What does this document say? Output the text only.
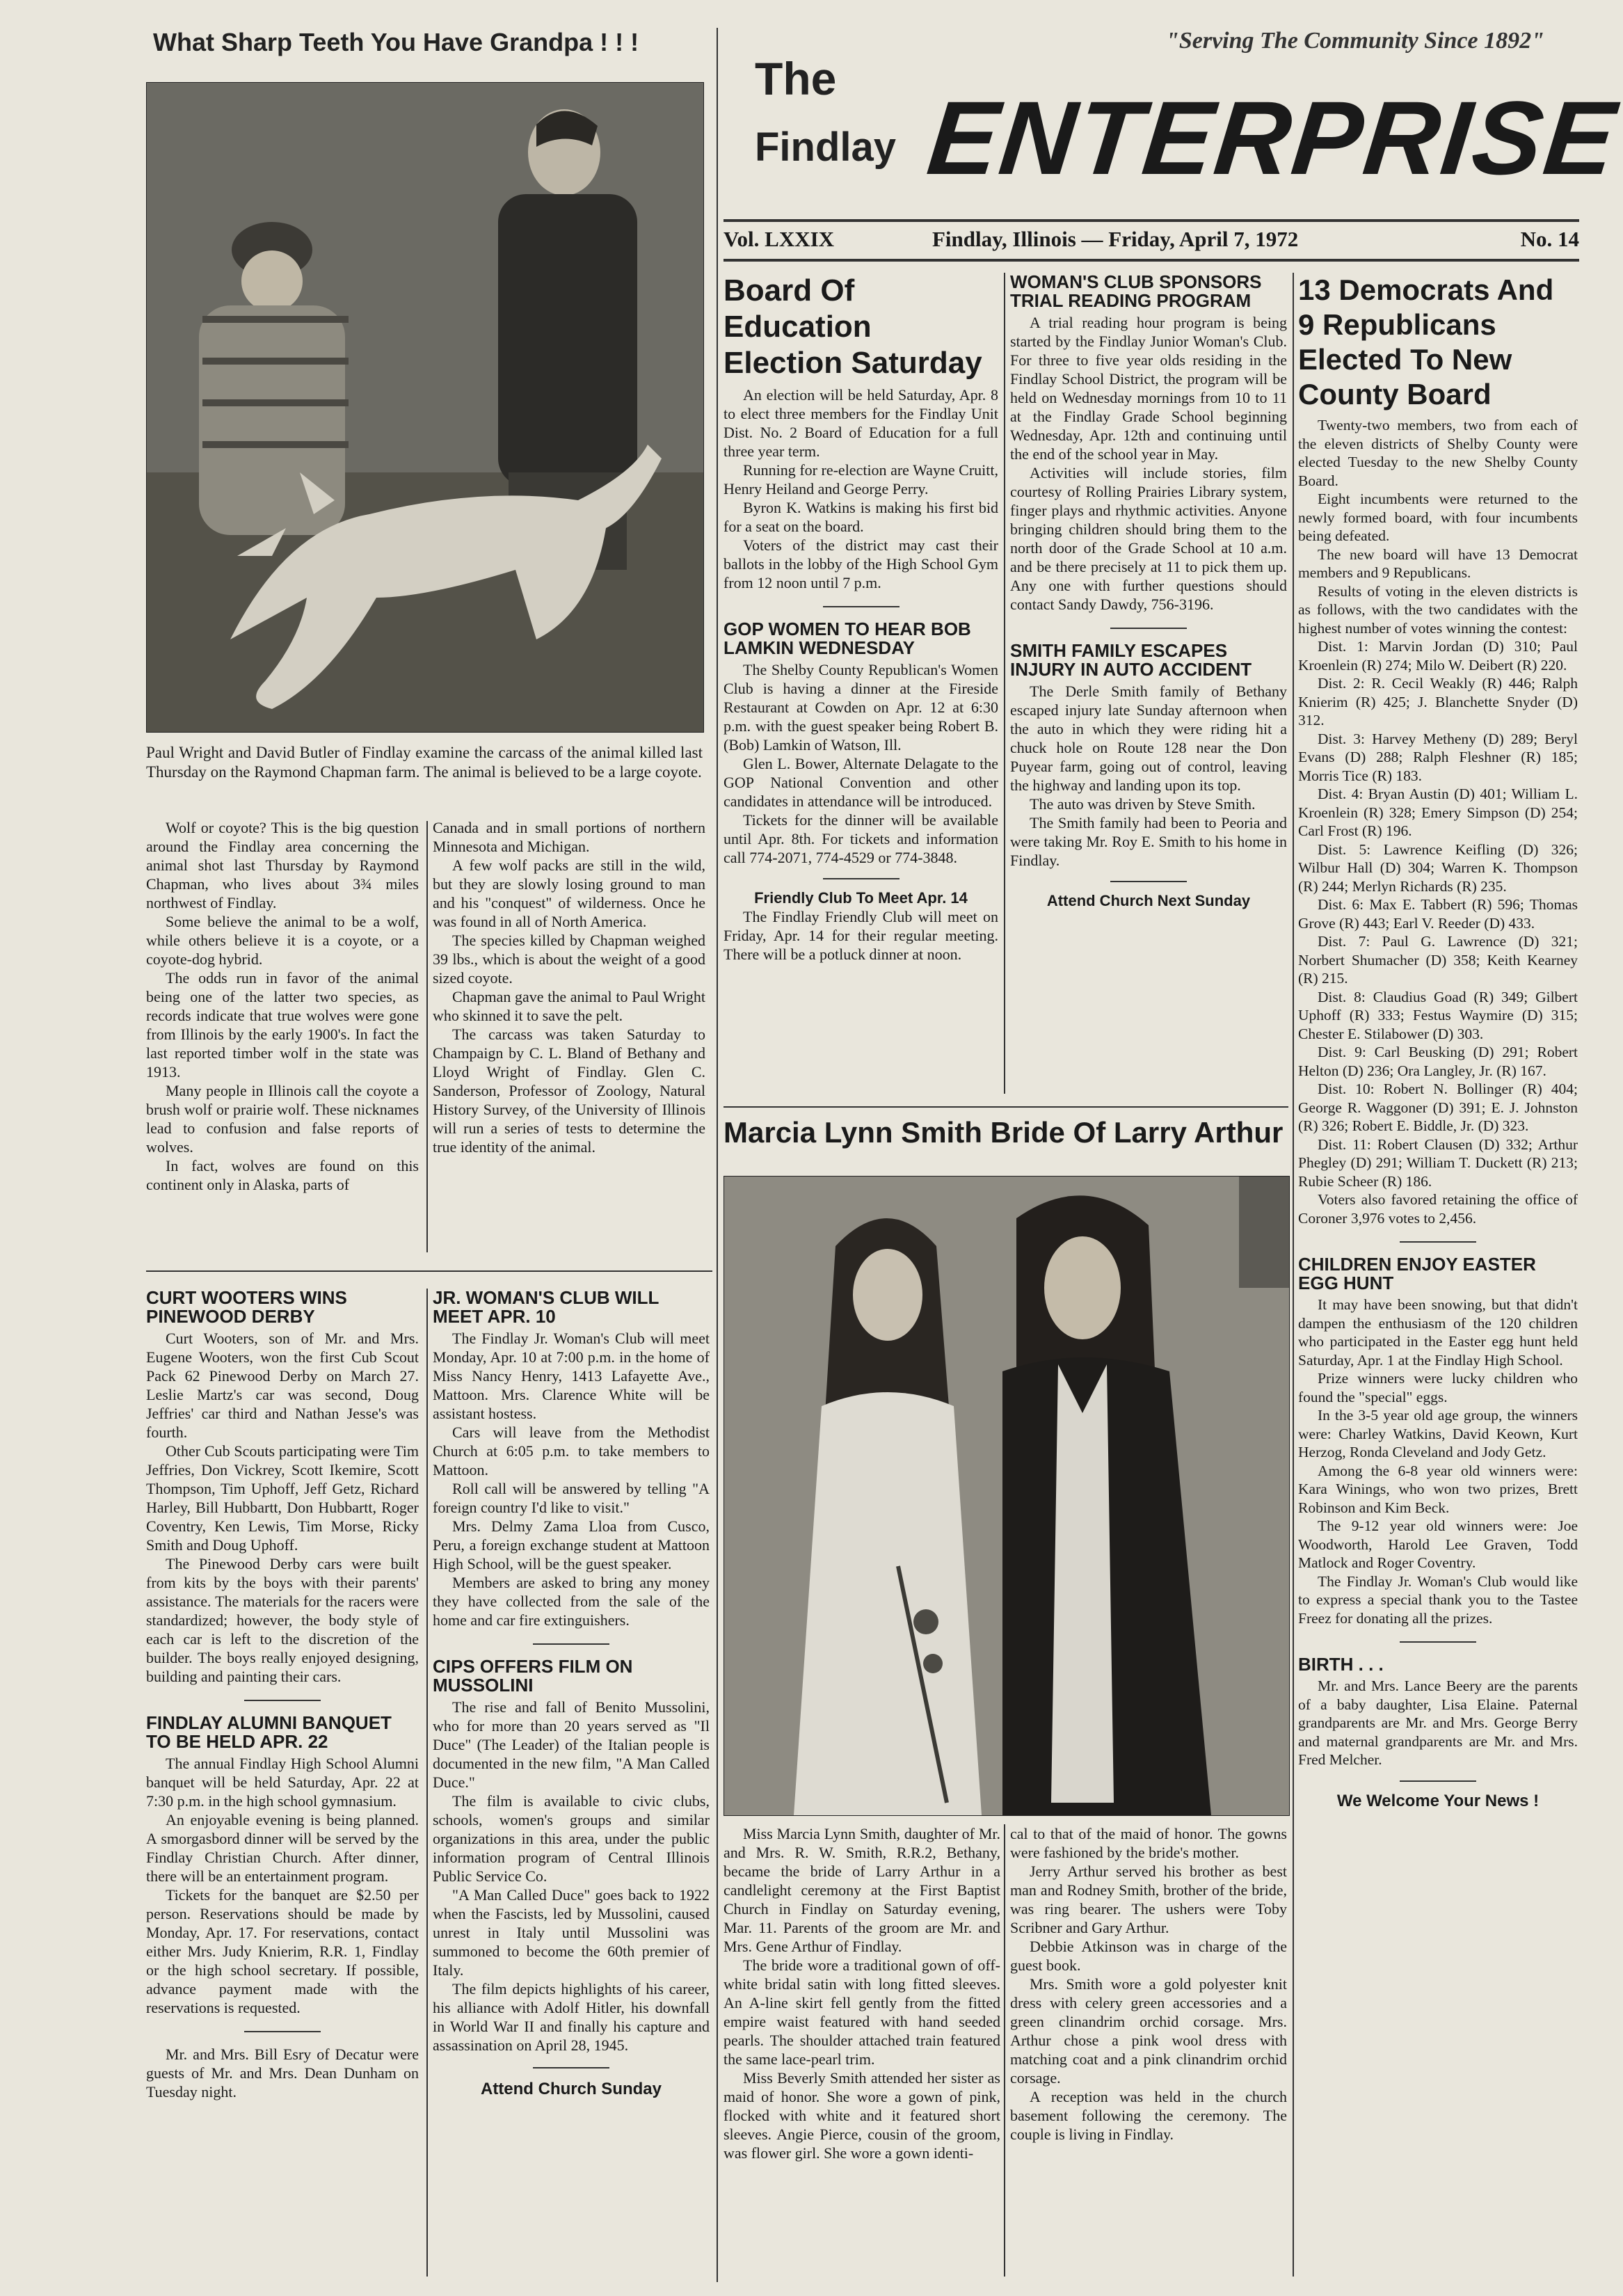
What Sharp Teeth You Have Grandpa ! ! !

Paul Wright and David Butler of Findlay examine the carcass of the animal killed last Thursday on the Raymond Chapman farm. The animal is believed to be a large coyote.

Wolf or coyote? This is the big question around the Findlay area concerning the animal shot last Thursday by Raymond Chapman, who lives about 3¾ miles northwest of Findlay.

Some believe the animal to be a wolf, while others believe it is a coyote, or a coyote-dog hybrid.

The odds run in favor of the animal being one of the latter two species, as records indicate that true wolves were gone from Illinois by the early 1900's. In fact the last reported timber wolf in the state was 1913.

Many people in Illinois call the coyote a brush wolf or prairie wolf. These nicknames lead to confusion and false reports of wolves.

In fact, wolves are found on this continent only in Alaska, parts of

Canada and in small portions of northern Minnesota and Michigan.

A few wolf packs are still in the wild, but they are slowly losing ground to man and his "conquest" of wilderness. Once he was found in all of North America.

The species killed by Chapman weighed 39 lbs., which is about the weight of a good sized coyote.

Chapman gave the animal to Paul Wright who skinned it to save the pelt.

The carcass was taken Saturday to Champaign by C. L. Bland of Bethany and Lloyd Wright of Findlay. Glen C. Sanderson, Professor of Zoology, Natural History Survey, of the University of Illinois will run a series of tests to determine the true identity of the animal.

CURT WOOTERS WINS PINEWOOD DERBY

Curt Wooters, son of Mr. and Mrs. Eugene Wooters, won the first Cub Scout Pack 62 Pinewood Derby on March 27. Leslie Martz's car was second, Doug Jeffries' car third and Nathan Jesse's was fourth.

Other Cub Scouts participating were Tim Jeffries, Don Vickrey, Scott Ikemire, Scott Thompson, Tim Uphoff, Jeff Getz, Richard Harley, Bill Hubbartt, Don Hubbartt, Roger Coventry, Ken Lewis, Tim Morse, Ricky Smith and Doug Uphoff.

The Pinewood Derby cars were built from kits by the boys with their parents' assistance. The materials for the racers were standardized; however, the body style of each car is left to the discretion of the builder. The boys really enjoyed designing, building and painting their cars.

FINDLAY ALUMNI BANQUET TO BE HELD APR. 22

The annual Findlay High School Alumni banquet will be held Saturday, Apr. 22 at 7:30 p.m. in the high school gymnasium.

An enjoyable evening is being planned. A smorgasbord dinner will be served by the Findlay Christian Church. After dinner, there will be an entertainment program.

Tickets for the banquet are $2.50 per person. Reservations should be made by Monday, Apr. 17. For reservations, contact either Mrs. Judy Knierim, R.R. 1, Findlay or the high school secretary. If possible, advance payment made with the reservations is requested.

Mr. and Mrs. Bill Esry of Decatur were guests of Mr. and Mrs. Dean Dunham on Tuesday night.

JR. WOMAN'S CLUB WILL MEET APR. 10

The Findlay Jr. Woman's Club will meet Monday, Apr. 10 at 7:00 p.m. in the home of Miss Nancy Henry, 1413 Lafayette Ave., Mattoon. Mrs. Clarence White will be assistant hostess.

Cars will leave from the Methodist Church at 6:05 p.m. to take members to Mattoon.

Roll call will be answered by telling "A foreign country I'd like to visit."

Mrs. Delmy Zama Lloa from Cusco, Peru, a foreign exchange student at Mattoon High School, will be the guest speaker.

Members are asked to bring any money they have collected from the sale of the home and car fire extinguishers.

CIPS OFFERS FILM ON MUSSOLINI

The rise and fall of Benito Mussolini, who for more than 20 years served as "Il Duce" (The Leader) of the Italian people is documented in the new film, "A Man Called Duce."

The film is available to civic clubs, schools, women's groups and similar organizations in this area, under the public information program of Central Illinois Public Service Co.

"A Man Called Duce" goes back to 1922 when the Fascists, led by Mussolini, caused unrest in Italy until Mussolini was summoned to become the 60th premier of Italy.

The film depicts highlights of his career, his alliance with Adolf Hitler, his downfall in World War II and finally his capture and assassination on April 28, 1945.

Attend Church Sunday
"Serving The Community Since 1892"
The
Findlay ENTERPRISE
Vol. LXXIX	Findlay, Illinois — Friday, April 7, 1972	No. 14
Board Of Education Election Saturday

An election will be held Saturday, Apr. 8 to elect three members for the Findlay Unit Dist. No. 2 Board of Education for a full three year term.

Running for re-election are Wayne Cruitt, Henry Heiland and George Perry.

Byron K. Watkins is making his first bid for a seat on the board.

Voters of the district may cast their ballots in the lobby of the High School Gym from 12 noon until 7 p.m.

GOP WOMEN TO HEAR BOB LAMKIN WEDNESDAY

The Shelby County Republican's Women Club is having a dinner at the Fireside Restaurant at Cowden on Apr. 12 at 6:30 p.m. with the guest speaker being Robert B. (Bob) Lamkin of Watson, Ill.

Glen L. Bower, Alternate Delagate to the GOP National Convention and other candidates in attendance will be introduced.

Tickets for the dinner will be available until Apr. 8th. For tickets and information call 774-2071, 774-4529 or 774-3848.

Friendly Club To Meet Apr. 14

The Findlay Friendly Club will meet on Friday, Apr. 14 for their regular meeting. There will be a potluck dinner at noon.

WOMAN'S CLUB SPONSORS TRIAL READING PROGRAM

A trial reading hour program is being started by the Findlay Junior Woman's Club. For three to five year olds residing in the Findlay School District, the program will be held on Wednesday mornings from 10 to 11 at the Findlay Grade School beginning Wednesday, Apr. 12th and continuing until the end of the school year in May.

Activities will include stories, film courtesy of Rolling Prairies Library system, finger plays and rhythmic activities. Anyone bringing children should bring them to the north door of the Grade School at 10 a.m. and be there precisely at 11 to pick them up. Any one with further questions should contact Sandy Dawdy, 756-3196.

SMITH FAMILY ESCAPES INJURY IN AUTO ACCIDENT

The Derle Smith family of Bethany escaped injury late Sunday afternoon when the auto in which they were riding hit a chuck hole on Route 128 near the Don Puyear farm, going out of control, leaving the highway and landing upon its top.

The auto was driven by Steve Smith.

The Smith family had been to Peoria and were taking Mr. Roy E. Smith to his home in Findlay.

Attend Church Next Sunday
Marcia Lynn Smith Bride Of Larry Arthur

Miss Marcia Lynn Smith, daughter of Mr. and Mrs. R. W. Smith, R.R.2, Bethany, became the bride of Larry Arthur in a candlelight ceremony at the First Baptist Church in Findlay on Saturday evening, Mar. 11. Parents of the groom are Mr. and Mrs. Gene Arthur of Findlay.

The bride wore a traditional gown of off-white bridal satin with long fitted sleeves. An A-line skirt fell gently from the fitted empire waist featured with hand seeded pearls. The shoulder attached train featured the same lace-pearl trim.

Miss Beverly Smith attended her sister as maid of honor. She wore a gown of pink, flocked with white and it featured short sleeves. Angie Pierce, cousin of the groom, was flower girl. She wore a gown identi-

cal to that of the maid of honor. The gowns were fashioned by the bride's mother.

Jerry Arthur served his brother as best man and Rodney Smith, brother of the bride, was ring bearer. The ushers were Toby Scribner and Gary Arthur.

Debbie Atkinson was in charge of the guest book.

Mrs. Smith wore a gold polyester knit dress with celery green accessories and a green clinandrim orchid corsage. Mrs. Arthur chose a pink wool dress with matching coat and a pink clinandrim orchid corsage.

A reception was held in the church basement following the ceremony. The couple is living in Findlay.

13 Democrats And 9 Republicans Elected To New County Board

Twenty-two members, two from each of the eleven districts of Shelby County were elected Tuesday to the new Shelby County Board.

Eight incumbents were returned to the newly formed board, with four incumbents being defeated.

The new board will have 13 Democrat members and 9 Republicans.

Results of voting in the eleven districts is as follows, with the two candidates with the highest number of votes winning the contest:

Dist. 1: Marvin Jordan (D) 310; Paul Kroenlein (R) 274; Milo W. Deibert (R) 220.

Dist. 2: R. Cecil Weakly (R) 446; Ralph Knierim (R) 425; J. Blanchette Snyder (D) 312.

Dist. 3: Harvey Metheny (D) 289; Beryl Evans (D) 288; Ralph Fleshner (R) 185; Morris Tice (R) 183.

Dist. 4: Bryan Austin (D) 401; William L. Kroenlein (R) 328; Emery Simpson (D) 254; Carl Frost (R) 196.

Dist. 5: Lawrence Keifling (D) 326; Wilbur Hall (D) 304; Warren K. Thompson (R) 244; Merlyn Richards (R) 235.

Dist. 6: Max E. Tabbert (R) 596; Thomas Grove (R) 443; Earl V. Reeder (D) 433.

Dist. 7: Paul G. Lawrence (D) 321; Norbert Shumacher (D) 358; Keith Kearney (R) 215.

Dist. 8: Claudius Goad (R) 349; Gilbert Uphoff (R) 333; Festus Waymire (D) 315; Chester E. Stilabower (D) 303.

Dist. 9: Carl Beusking (D) 291; Robert Helton (D) 236; Ora Langley, Jr. (R) 167.

Dist. 10: Robert N. Bollinger (R) 404; George R. Waggoner (D) 391; E. J. Johnston (R) 326; Robert E. Biddle, Jr. (D) 323.

Dist. 11: Robert Clausen (D) 332; Arthur Phegley (D) 291; William T. Duckett (R) 213; Rubie Scheer (R) 186.

Voters also favored retaining the office of Coroner 3,976 votes to 2,456.

CHILDREN ENJOY EASTER EGG HUNT

It may have been snowing, but that didn't dampen the enthusiasm of the 120 children who participated in the Easter egg hunt held Saturday, Apr. 1 at the Findlay High School.

Prize winners were lucky children who found the "special" eggs.

In the 3-5 year old age group, the winners were: Charley Watkins, David Keown, Kurt Herzog, Ronda Cleveland and Jody Getz.

Among the 6-8 year old winners were: Kara Winings, who won two prizes, Brett Robinson and Kim Beck.

The 9-12 year old winners were: Joe Woodworth, Harold Lee Graven, Todd Matlock and Roger Coventry.

The Findlay Jr. Woman's Club would like to express a special thank you to the Tastee Freez for donating all the prizes.

BIRTH . . .

Mr. and Mrs. Lance Beery are the parents of a baby daughter, Lisa Elaine. Paternal grandparents are Mr. and Mrs. George Berry and maternal grandparents are Mr. and Mrs. Fred Melcher.

We Welcome Your News !
